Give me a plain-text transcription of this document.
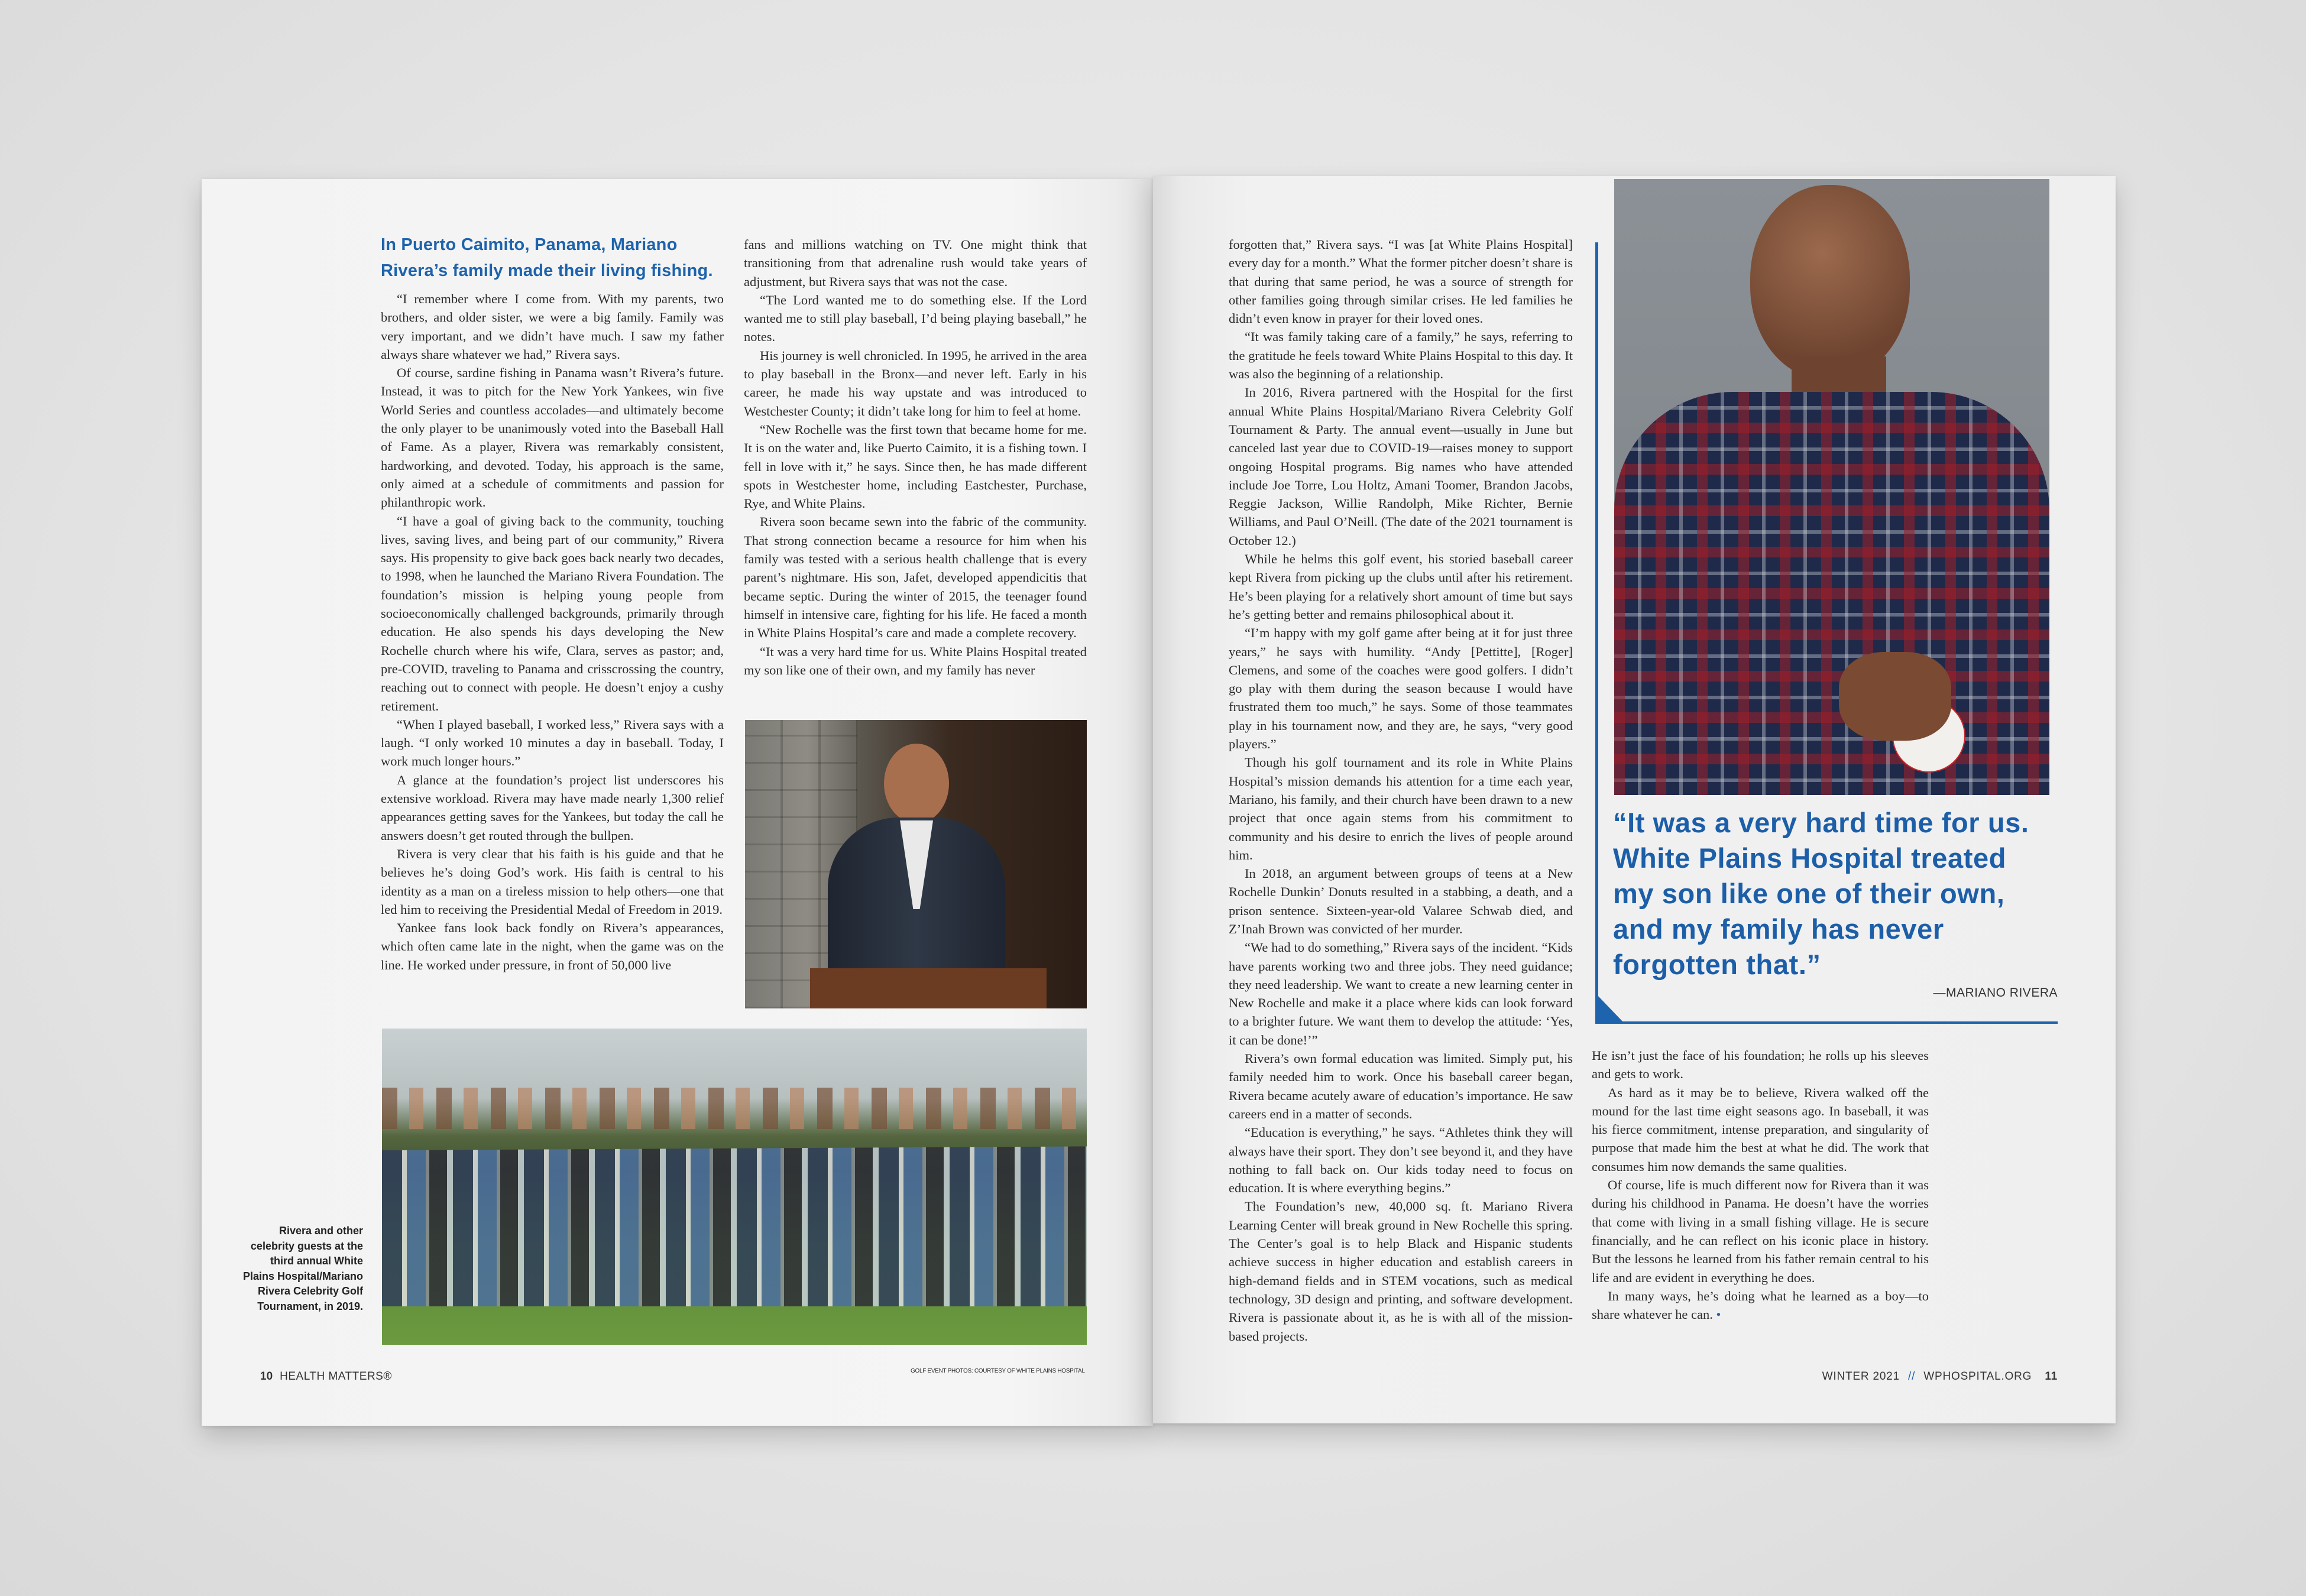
In Puerto Caimito, Panama, Mariano
Rivera’s family made their living fishing.

“I remember where I come from. With my parents, two brothers, and older sister, we were a big family. Family was very important, and we didn’t have much. I saw my father always share whatever we had,” Rivera says.

Of course, sardine fishing in Panama wasn’t Rivera’s future. Instead, it was to pitch for the New York Yankees, win five World Series and countless accolades—and ultimately become the only player to be unanimously voted into the Baseball Hall of Fame. As a player, Rivera was remarkably consistent, hardworking, and devoted. Today, his approach is the same, only aimed at a schedule of commitments and passion for philanthropic work.

“I have a goal of giving back to the community, touching lives, saving lives, and being part of our community,” Rivera says. His propensity to give back goes back nearly two decades, to 1998, when he launched the Mariano Rivera Foundation. The foundation’s mission is helping young people from socioeconomically challenged backgrounds, primarily through education. He also spends his days developing the New Rochelle church where his wife, Clara, serves as pastor; and, pre-COVID, traveling to Panama and crisscrossing the country, reaching out to connect with people. He doesn’t enjoy a cushy retirement.

“When I played baseball, I worked less,” Rivera says with a laugh. “I only worked 10 minutes a day in baseball. Today, I work much longer hours.”

A glance at the foundation’s project list underscores his extensive workload. Rivera may have made nearly 1,300 relief appearances getting saves for the Yankees, but today the call he answers doesn’t get routed through the bullpen.

Rivera is very clear that his faith is his guide and that he believes he’s doing God’s work. His faith is central to his identity as a man on a tireless mission to help others—one that led him to receiving the Presidential Medal of Freedom in 2019.

Yankee fans look back fondly on Rivera’s appearances, which often came late in the night, when the game was on the line. He worked under pressure, in front of 50,000 live

fans and millions watching on TV. One might think that transitioning from that adrenaline rush would take years of adjustment, but Rivera says that was not the case.

“The Lord wanted me to do something else. If the Lord wanted me to still play baseball, I’d being playing baseball,” he notes.

His journey is well chronicled. In 1995, he arrived in the area to play baseball in the Bronx—and never left. Early in his career, he made his way upstate and was introduced to Westchester County; it didn’t take long for him to feel at home.

“New Rochelle was the first town that became home for me. It is on the water and, like Puerto Caimito, it is a fishing town. I fell in love with it,” he says. Since then, he has made different spots in Westchester home, including Eastchester, Purchase, Rye, and White Plains.

Rivera soon became sewn into the fabric of the community. That strong connection became a resource for him when his family was tested with a serious health challenge that is every parent’s nightmare. His son, Jafet, developed appendicitis that became septic. During the winter of 2015, the teenager found himself in intensive care, fighting for his life. He faced a month in White Plains Hospital’s care and made a complete recovery.

“It was a very hard time for us. White Plains Hospital treated my son like one of their own, and my family has never

Rivera and other celebrity guests at the third annual White Plains Hospital/Mariano Rivera Celebrity Golf Tournament, in 2019.
10 HEALTH MATTERS®	GOLF EVENT PHOTOS: COURTESY OF WHITE PLAINS HOSPITAL

forgotten that,” Rivera says. “I was [at White Plains Hospital] every day for a month.” What the former pitcher doesn’t share is that during that same period, he was a source of strength for other families going through similar crises. He led families he didn’t even know in prayer for their loved ones.

“It was family taking care of a family,” he says, referring to the gratitude he feels toward White Plains Hospital to this day. It was also the beginning of a relationship.

In 2016, Rivera partnered with the Hospital for the first annual White Plains Hospital/Mariano Rivera Celebrity Golf Tournament & Party. The annual event—usually in June but canceled last year due to COVID-19—raises money to support ongoing Hospital programs. Big names who have attended include Joe Torre, Lou Holtz, Amani Toomer, Brandon Jacobs, Reggie Jackson, Willie Randolph, Mike Richter, Bernie Williams, and Paul O’Neill. (The date of the 2021 tournament is October 12.)

While he helms this golf event, his storied baseball career kept Rivera from picking up the clubs until after his retirement. He’s been playing for a relatively short amount of time but says he’s getting better and remains philosophical about it.

“I’m happy with my golf game after being at it for just three years,” he says with humility. “Andy [Pettitte], [Roger] Clemens, and some of the coaches were good golfers. I didn’t go play with them during the season because I would have frustrated them too much,” he says. Some of those teammates play in his tournament now, and they are, he says, “very good players.”

Though his golf tournament and its role in White Plains Hospital’s mission demands his attention for a time each year, Mariano, his family, and their church have been drawn to a new project that once again stems from his commitment to community and his desire to enrich the lives of people around him.

In 2018, an argument between groups of teens at a New Rochelle Dunkin’ Donuts resulted in a stabbing, a death, and a prison sentence. Sixteen-year-old Valaree Schwab died, and Z’Inah Brown was convicted of her murder.

“We had to do something,” Rivera says of the incident. “Kids have parents working two and three jobs. They need guidance; they need leadership. We want to create a new learning center in New Rochelle and make it a place where kids can look forward to a brighter future. We want them to develop the attitude: ‘Yes, it can be done!’”

Rivera’s own formal education was limited. Simply put, his family needed him to work. Once his baseball career began, Rivera became acutely aware of education’s importance. He saw careers end in a matter of seconds.

“Education is everything,” he says. “Athletes think they will always have their sport. They don’t see beyond it, and they have nothing to fall back on. Our kids today need to focus on education. It is where everything begins.”

The Foundation’s new, 40,000 sq. ft. Mariano Rivera Learning Center will break ground in New Rochelle this spring. The Center’s goal is to help Black and Hispanic students achieve success in higher education and establish careers in high-demand fields and in STEM vocations, such as medical technology, 3D design and printing, and software development. Rivera is passionate about it, as he is with all of the mission-based projects.

“It was a very hard time for us.
White Plains Hospital treated
my son like one of their own,
and my family has never
forgotten that.”
—MARIANO RIVERA

He isn’t just the face of his foundation; he rolls up his sleeves and gets to work.

As hard as it may be to believe, Rivera walked off the mound for the last time eight seasons ago. In baseball, it was his fierce commitment, intense preparation, and singularity of purpose that made him the best at what he did. The work that consumes him now demands the same qualities.

Of course, life is much different now for Rivera than it was during his childhood in Panama. He doesn’t have the worries that come with living in a small fishing village. He is secure financially, and he can reflect on his iconic place in history. But the lessons he learned from his father remain central to his life and are evident in everything he does.

In many ways, he’s doing what he learned as a boy—to share whatever he can. •

WINTER 2021 // WPHOSPITAL.ORG 11
